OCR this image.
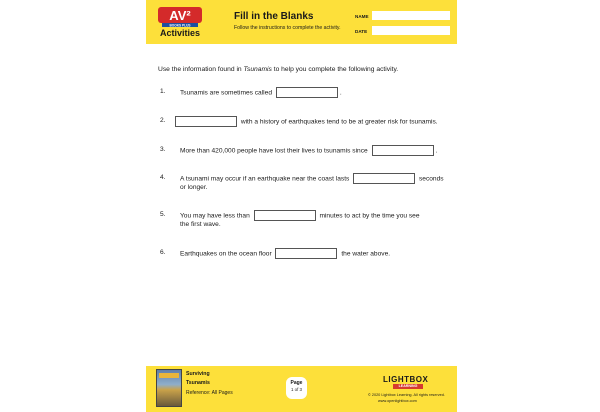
AV²
BOOKS PLUS
Activities
Fill in the Blanks
Follow the instructions to complete the activity.
NAME
DATE
Use the information found in Tsunamis to help you complete the following activity.
1.	Tsunamis are sometimes called	.
2.	with a history of earthquakes tend to be at greater risk for tsunamis.
3.	More than 420,000 people have lost their lives to tsunamis since	.
4.	A tsunami may occur if an earthquake near the coast lasts	seconds
or longer.
5.	You may have less than	minutes to act by the time you see
the first wave.
6.	Earthquakes on the ocean floor	the water above.
Surviving
Tsunamis
Reference: All Pages
Page
1 of 3
LIGHTBOX
LEARNING
© 2020 Lightbox Learning. All rights reserved.
www.openlightbox.com
